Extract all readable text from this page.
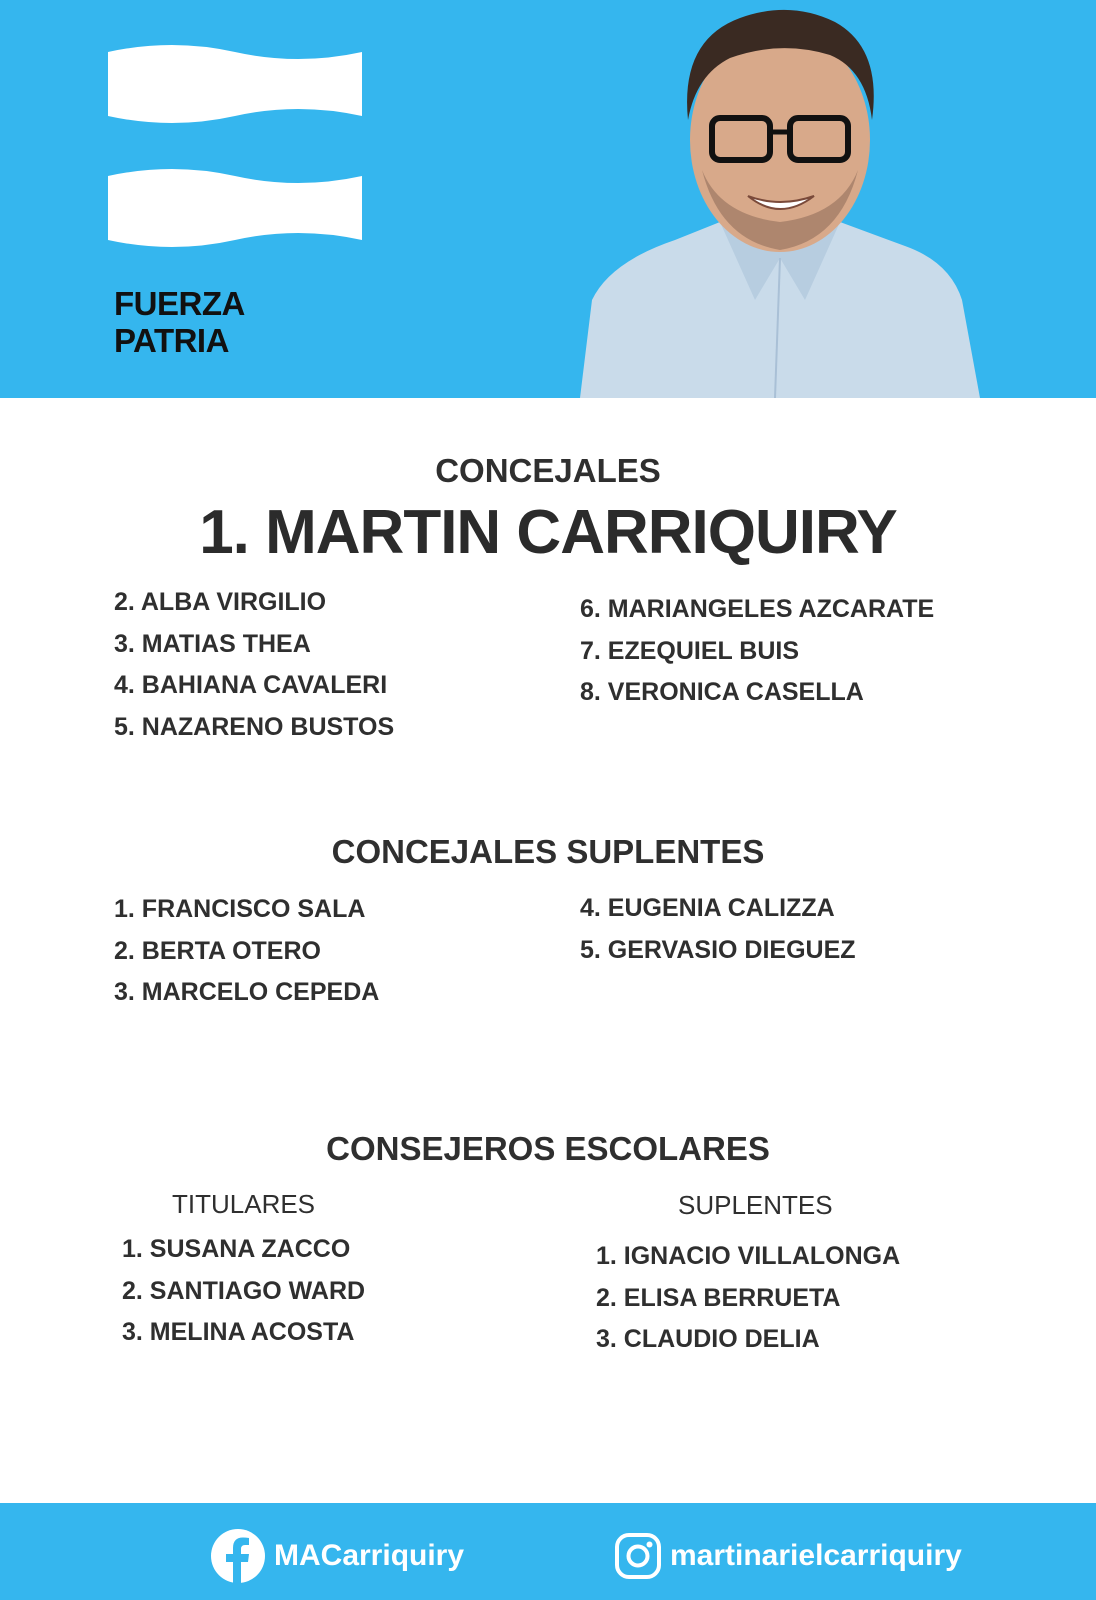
FUERZA
PATRIA
CONCEJALES
1. MARTIN CARRIQUIRY
2. ALBA VIRGILIO
3. MATIAS THEA
4. BAHIANA CAVALERI
5. NAZARENO BUSTOS
6. MARIANGELES AZCARATE
7. EZEQUIEL BUIS
8. VERONICA CASELLA
CONCEJALES SUPLENTES
1. FRANCISCO SALA
2. BERTA OTERO
3. MARCELO CEPEDA
4. EUGENIA CALIZZA
5. GERVASIO DIEGUEZ
CONSEJEROS ESCOLARES
TITULARES
1. SUSANA ZACCO
2. SANTIAGO WARD
3. MELINA ACOSTA
SUPLENTES
1. IGNACIO VILLALONGA
2. ELISA BERRUETA
3. CLAUDIO DELIA
MACarriquiry	martinarielcarriquiry
